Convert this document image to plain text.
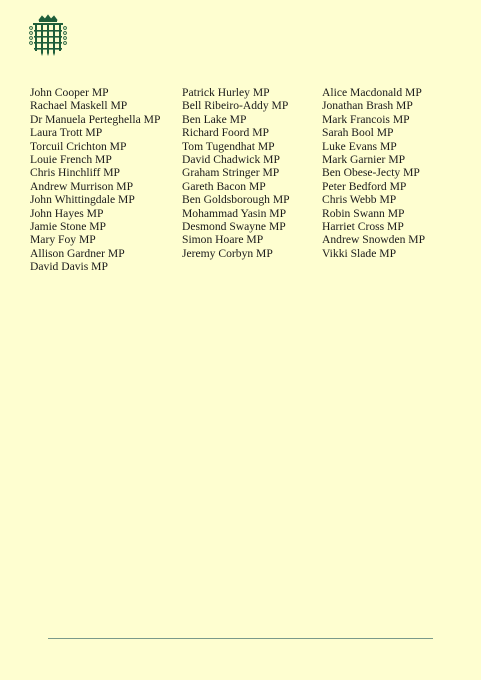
John Cooper MP
Rachael Maskell MP
Dr Manuela Perteghella MP
Laura Trott MP
Torcuil Crichton MP
Louie French MP
Chris Hinchliff MP
Andrew Murrison MP
John Whittingdale MP
John Hayes MP
Jamie Stone MP
Mary Foy MP
Allison Gardner MP
David Davis MP
Patrick Hurley MP
Bell Ribeiro-Addy MP
Ben Lake MP
Richard Foord MP
Tom Tugendhat MP
David Chadwick MP
Graham Stringer MP
Gareth Bacon MP
Ben Goldsborough MP
Mohammad Yasin MP
Desmond Swayne MP
Simon Hoare MP
Jeremy Corbyn MP
Alice Macdonald MP
Jonathan Brash MP
Mark Francois MP
Sarah Bool MP
Luke Evans MP
Mark Garnier MP
Ben Obese-Jecty MP
Peter Bedford MP
Chris Webb MP
Robin Swann MP
Harriet Cross MP
Andrew Snowden MP
Vikki Slade MP
